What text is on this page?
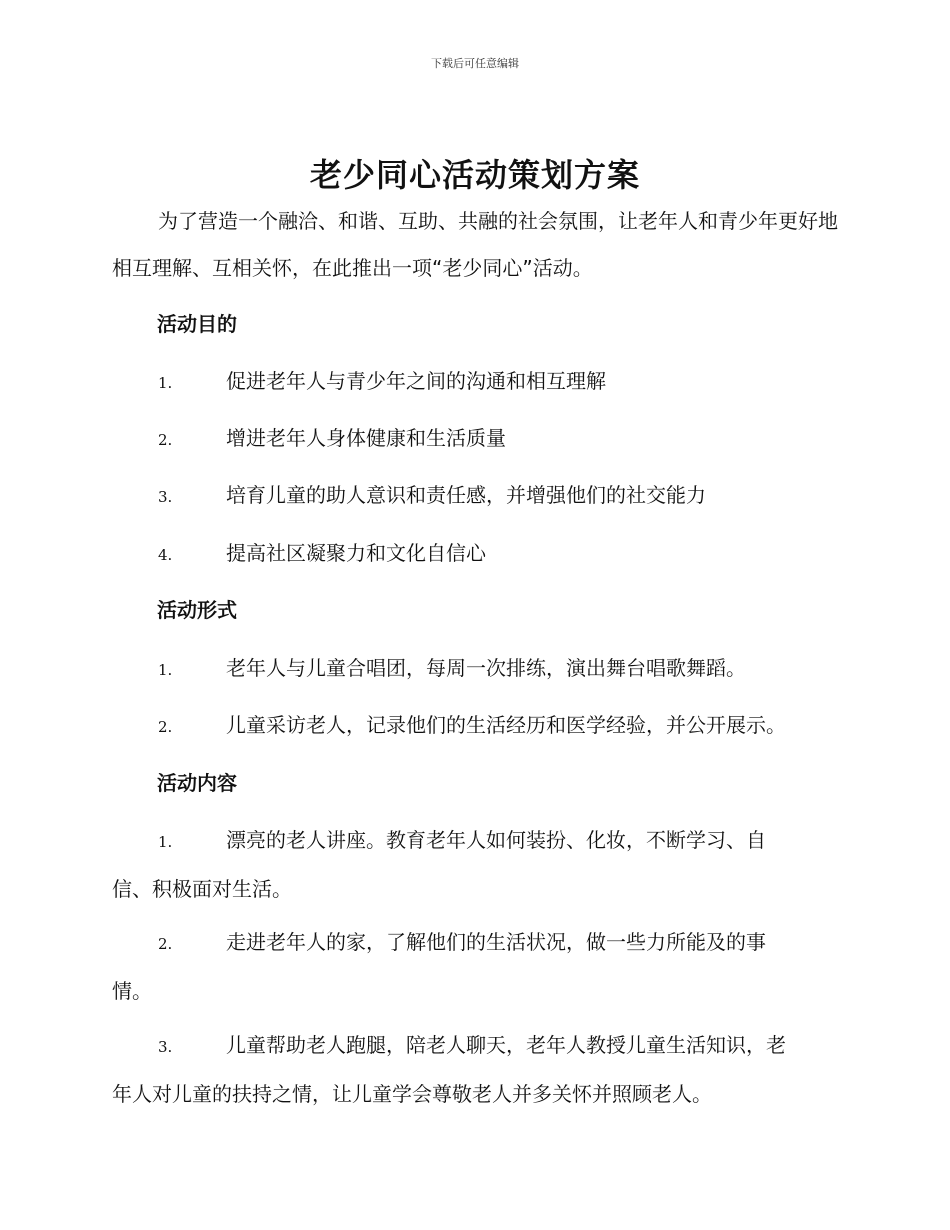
下载后可任意编辑
老少同心活动策划方案

为了营造一个融洽、和谐、互助、共融的社会氛围，让老年人和青少年更好地相互理解、互相关怀，在此推出一项“老少同心”活动。

活动目的
1.	促进老年人与青少年之间的沟通和相互理解
2.	增进老年人身体健康和生活质量
3.	培育儿童的助人意识和责任感，并增强他们的社交能力
4.	提高社区凝聚力和文化自信心
活动形式
1.	老年人与儿童合唱团，每周一次排练，演出舞台唱歌舞蹈。
2.	儿童采访老人，记录他们的生活经历和医学经验，并公开展示。
活动内容
1.	漂亮的老人讲座。教育老年人如何装扮、化妆，不断学习、自
信、积极面对生活。
2.	走进老年人的家，了解他们的生活状况，做一些力所能及的事
情。
3.	儿童帮助老人跑腿，陪老人聊天，老年人教授儿童生活知识，老
年人对儿童的扶持之情，让儿童学会尊敬老人并多关怀并照顾老人。
